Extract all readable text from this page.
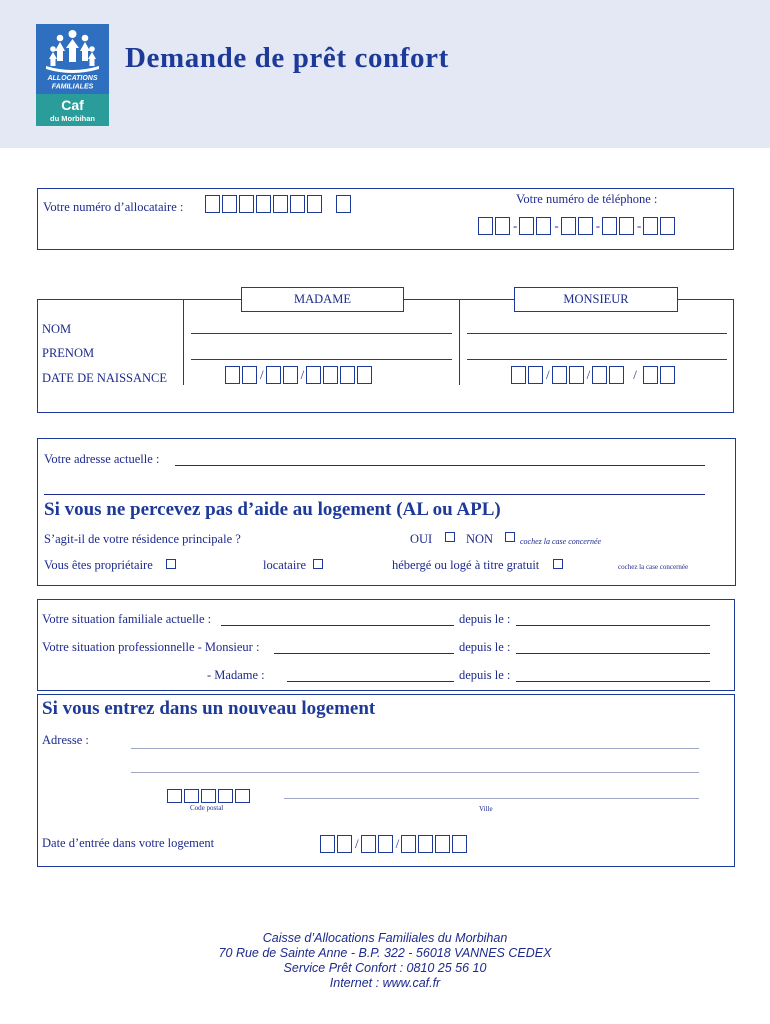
ALLOCATIONS
FAMILIALES
Caf
du Morbihan
Demande de prêt confort
Votre numéro d’allocataire :
Votre numéro de téléphone :
-	-	-	-
MADAME	MONSIEUR
NOM
PRENOM
DATE DE NAISSANCE	/	/	/	/	/
Votre adresse actuelle :
Si vous ne percevez pas d’aide au logement (AL ou APL)
S’agit-il de votre résidence principale ?	OUI	NON	cochez la case concernée
Vous êtes propriétaire	locataire	hébergé ou logé à titre gratuit	cochez la case concernée
Votre situation familiale actuelle :	depuis le :
Votre situation professionnelle - Monsieur :	depuis le :
- Madame :	depuis le :
Si vous entrez dans un nouveau logement
Adresse :
Code postal	Ville
Date d’entrée dans votre logement	/	/
Caisse d’Allocations Familiales du Morbihan
70 Rue de Sainte Anne - B.P. 322 - 56018 VANNES CEDEX
Service Prêt Confort : 0810 25 56 10
Internet : www.caf.fr
